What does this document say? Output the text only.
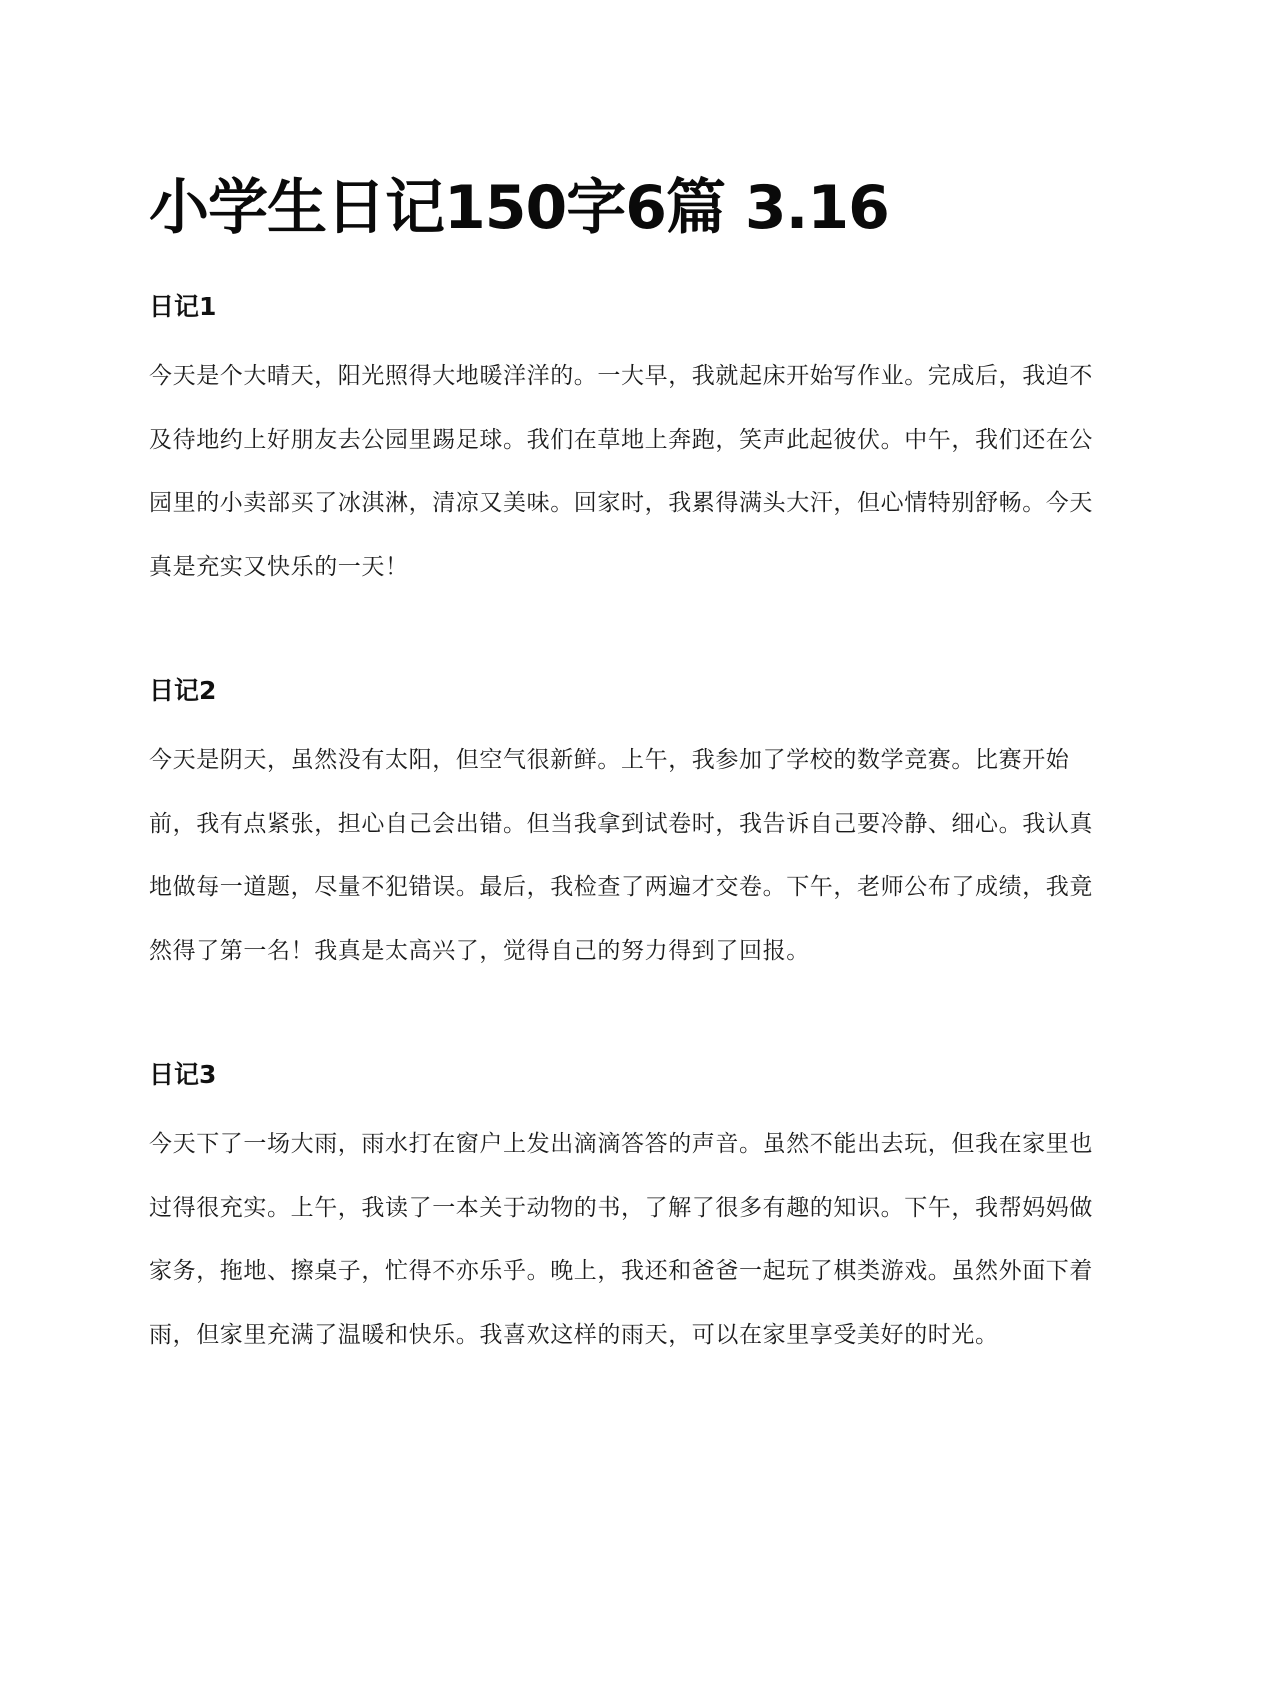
小学生日记150字6篇 3.16
日记1

今天是个大晴天，阳光照得大地暖洋洋的。一大早，我就起床开始写作业。完成后，我迫不
及待地约上好朋友去公园里踢足球。我们在草地上奔跑，笑声此起彼伏。中午，我们还在公
园里的小卖部买了冰淇淋，清凉又美味。回家时，我累得满头大汗，但心情特别舒畅。今天
真是充实又快乐的一天！

日记2

今天是阴天，虽然没有太阳，但空气很新鲜。上午，我参加了学校的数学竞赛。比赛开始
前，我有点紧张，担心自己会出错。但当我拿到试卷时，我告诉自己要冷静、细心。我认真
地做每一道题，尽量不犯错误。最后，我检查了两遍才交卷。下午，老师公布了成绩，我竟
然得了第一名！我真是太高兴了，觉得自己的努力得到了回报。

日记3

今天下了一场大雨，雨水打在窗户上发出滴滴答答的声音。虽然不能出去玩，但我在家里也
过得很充实。上午，我读了一本关于动物的书，了解了很多有趣的知识。下午，我帮妈妈做
家务，拖地、擦桌子，忙得不亦乐乎。晚上，我还和爸爸一起玩了棋类游戏。虽然外面下着
雨，但家里充满了温暖和快乐。我喜欢这样的雨天，可以在家里享受美好的时光。
